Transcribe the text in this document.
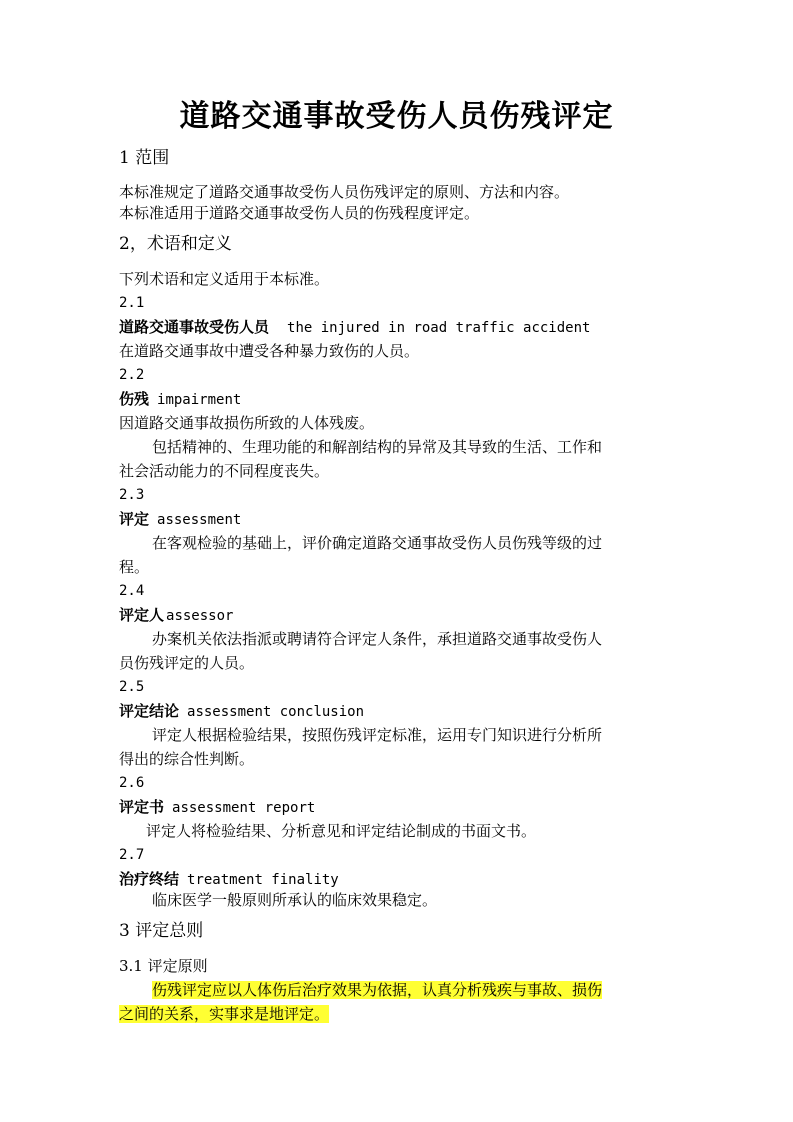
道路交通事故受伤人员伤残评定

1 范围

本标准规定了道路交通事故受伤人员伤残评定的原则、方法和内容。

本标准适用于道路交通事故受伤人员的伤残程度评定。

2，术语和定义

下列术语和定义适用于本标准。

2.1

道路交通事故受伤人员 the injured in road traffic accident

在道路交通事故中遭受各种暴力致伤的人员。

2.2

伤残 impairment

因道路交通事故损伤所致的人体残废。

包括精神的、生理功能的和解剖结构的异常及其导致的生活、工作和

社会活动能力的不同程度丧失。

2.3

评定 assessment

在客观检验的基础上，评价确定道路交通事故受伤人员伤残等级的过

程。

2.4

评定人 assessor

办案机关依法指派或聘请符合评定人条件，承担道路交通事故受伤人

员伤残评定的人员。

2.5

评定结论 assessment conclusion

评定人根据检验结果，按照伤残评定标准，运用专门知识进行分析所

得出的综合性判断。

2.6

评定书 assessment report

评定人将检验结果、分析意见和评定结论制成的书面文书。

2.7

治疗终结 treatment finality

临床医学一般原则所承认的临床效果稳定。

3 评定总则

3.1 评定原则

伤残评定应以人体伤后治疗效果为依据，认真分析残疾与事故、损伤

之间的关系，实事求是地评定。
